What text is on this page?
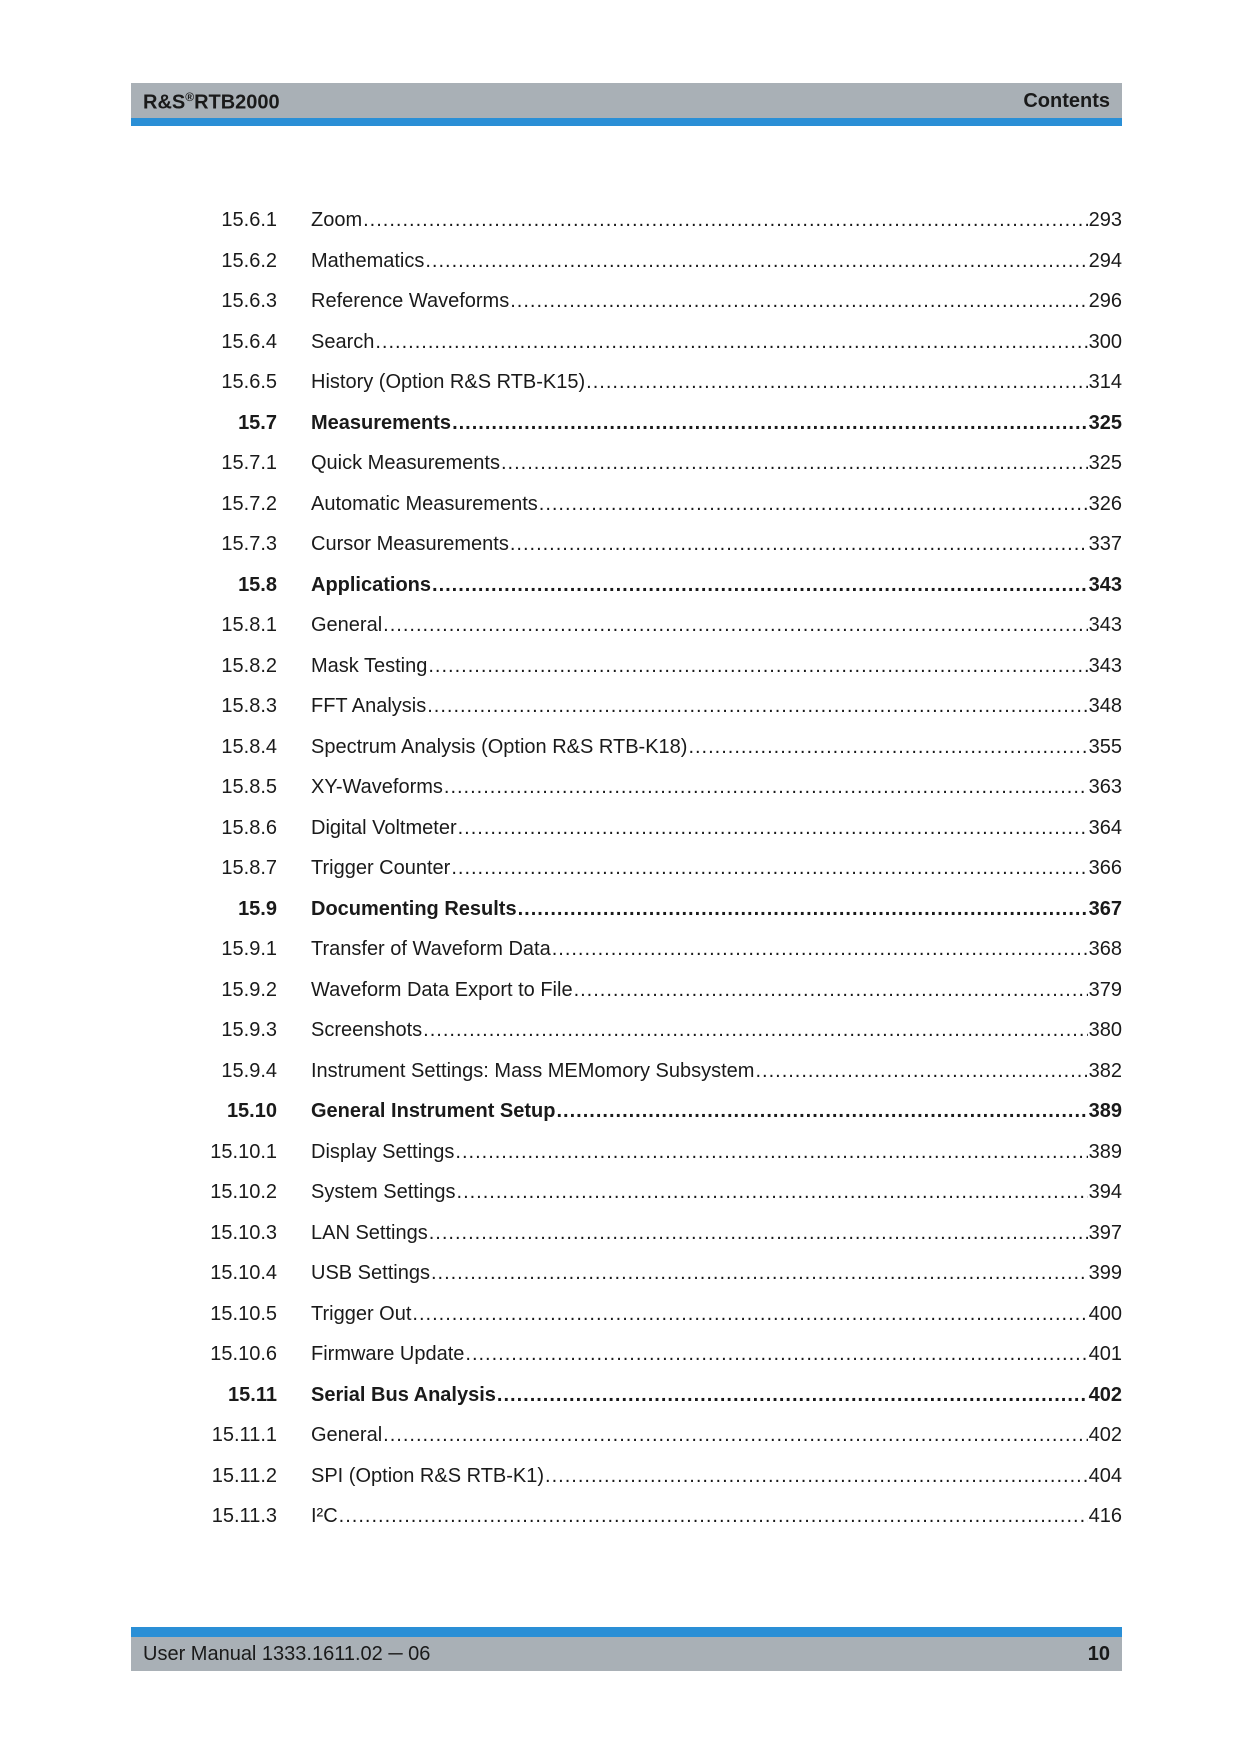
R&S®RTB2000	Contents
15.6.1 Zoom .....	293
15.6.2 Mathematics .....	294
15.6.3 Reference Waveforms .....	296
15.6.4 Search .....	300
15.6.5 History (Option R&S RTB-K15) .....	314
15.7 Measurements .....	325
15.7.1 Quick Measurements .....	325
15.7.2 Automatic Measurements .....	326
15.7.3 Cursor Measurements .....	337
15.8 Applications .....	343
15.8.1 General .....	343
15.8.2 Mask Testing .....	343
15.8.3 FFT Analysis .....	348
15.8.4 Spectrum Analysis (Option R&S RTB-K18) .....	355
15.8.5 XY-Waveforms .....	363
15.8.6 Digital Voltmeter .....	364
15.8.7 Trigger Counter .....	366
15.9 Documenting Results .....	367
15.9.1 Transfer of Waveform Data .....	368
15.9.2 Waveform Data Export to File .....	379
15.9.3 Screenshots .....	380
15.9.4 Instrument Settings: Mass MEMomory Subsystem .....	382
15.10 General Instrument Setup .....	389
15.10.1 Display Settings .....	389
15.10.2 System Settings .....	394
15.10.3 LAN Settings .....	397
15.10.4 USB Settings .....	399
15.10.5 Trigger Out .....	400
15.10.6 Firmware Update .....	401
15.11 Serial Bus Analysis .....	402
15.11.1 General .....	402
15.11.2 SPI (Option R&S RTB-K1) .....	404
15.11.3 I²C .....	416
User Manual 1333.1611.02 ─ 06	10
